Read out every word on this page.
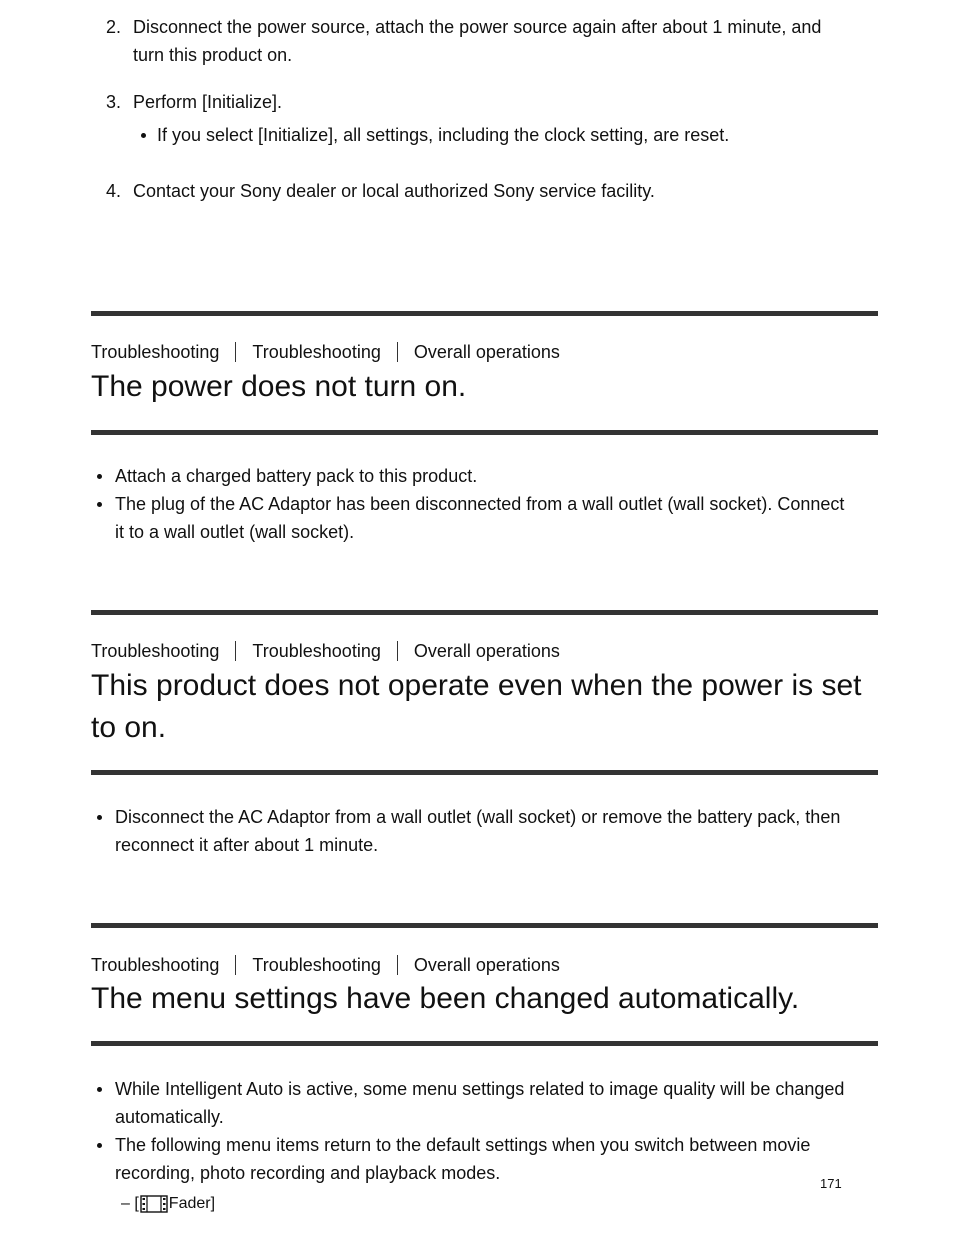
2. Disconnect the power source, attach the power source again after about 1 minute, and
turn this product on.
3. Perform [Initialize].
If you select [Initialize], all settings, including the clock setting, are reset.
4. Contact your Sony dealer or local authorized Sony service facility.
Troubleshooting Troubleshooting Overall operations
The power does not turn on.
Attach a charged battery pack to this product.
The plug of the AC Adaptor has been disconnected from a wall outlet (wall socket). Connect
it to a wall outlet (wall socket).
Troubleshooting Troubleshooting Overall operations
This product does not operate even when the power is set
to on.
Disconnect the AC Adaptor from a wall outlet (wall socket) or remove the battery pack, then
reconnect it after about 1 minute.
Troubleshooting Troubleshooting Overall operations
The menu settings have been changed automatically.
While Intelligent Auto is active, some menu settings related to image quality will be changed
automatically.
The following menu items return to the default settings when you switch between movie
recording, photo recording and playback modes.
– [ Fader]
171
